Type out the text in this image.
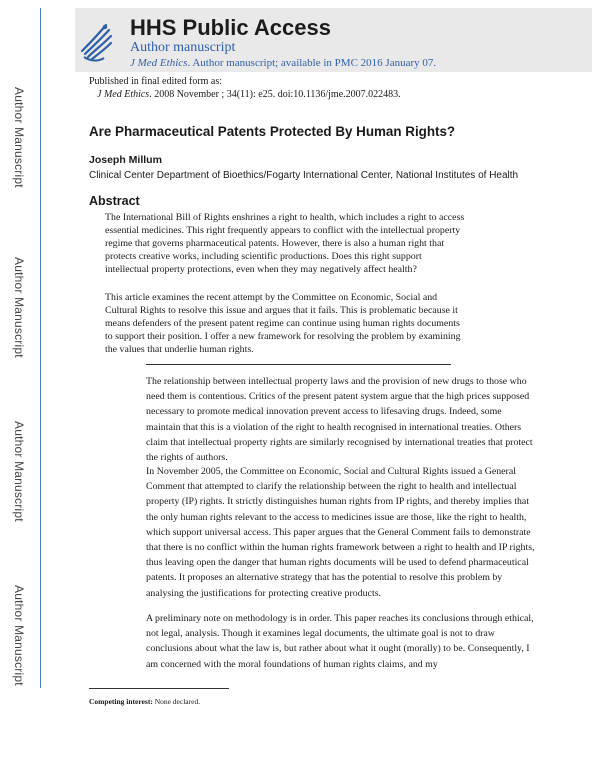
Author Manuscript
Author Manuscript
Author Manuscript
Author Manuscript
HHS Public Access
Author manuscript
J Med Ethics. Author manuscript; available in PMC 2016 January 07.
Published in final edited form as:
J Med Ethics. 2008 November ; 34(11): e25. doi:10.1136/jme.2007.022483.
Are Pharmaceutical Patents Protected By Human Rights?
Joseph Millum
Clinical Center Department of Bioethics/Fogarty International Center, National Institutes of Health
Abstract

The International Bill of Rights enshrines a right to health, which includes a right to access essential medicines. This right frequently appears to conflict with the intellectual property regime that governs pharmaceutical patents. However, there is also a human right that protects creative works, including scientific productions. Does this right support intellectual property protections, even when they may negatively affect health?

This article examines the recent attempt by the Committee on Economic, Social and Cultural Rights to resolve this issue and argues that it fails. This is problematic because it means defenders of the present patent regime can continue using human rights documents to support their position. I offer a new framework for resolving the problem by examining the values that underlie human rights.

The relationship between intellectual property laws and the provision of new drugs to those who need them is contentious. Critics of the present patent system argue that the high prices supposed necessary to promote medical innovation prevent access to lifesaving drugs. Indeed, some maintain that this is a violation of the right to health recognised in international treaties. Others claim that intellectual property rights are similarly recognised by international treaties that protect the rights of authors.

In November 2005, the Committee on Economic, Social and Cultural Rights issued a General Comment that attempted to clarify the relationship between the right to health and intellectual property (IP) rights. It strictly distinguishes human rights from IP rights, and thereby implies that the only human rights relevant to the access to medicines issue are those, like the right to health, which support universal access. This paper argues that the General Comment fails to demonstrate that there is no conflict within the human rights framework between a right to health and IP rights, thus leaving open the danger that human rights documents will be used to defend pharmaceutical patents. It proposes an alternative strategy that has the potential to resolve this problem by analysing the justifications for protecting creative products.

A preliminary note on methodology is in order. This paper reaches its conclusions through ethical, not legal, analysis. Though it examines legal documents, the ultimate goal is not to draw conclusions about what the law is, but rather about what it ought (morally) to be. Consequently, I am concerned with the moral foundations of human rights claims, and my

Competing interest: None declared.
